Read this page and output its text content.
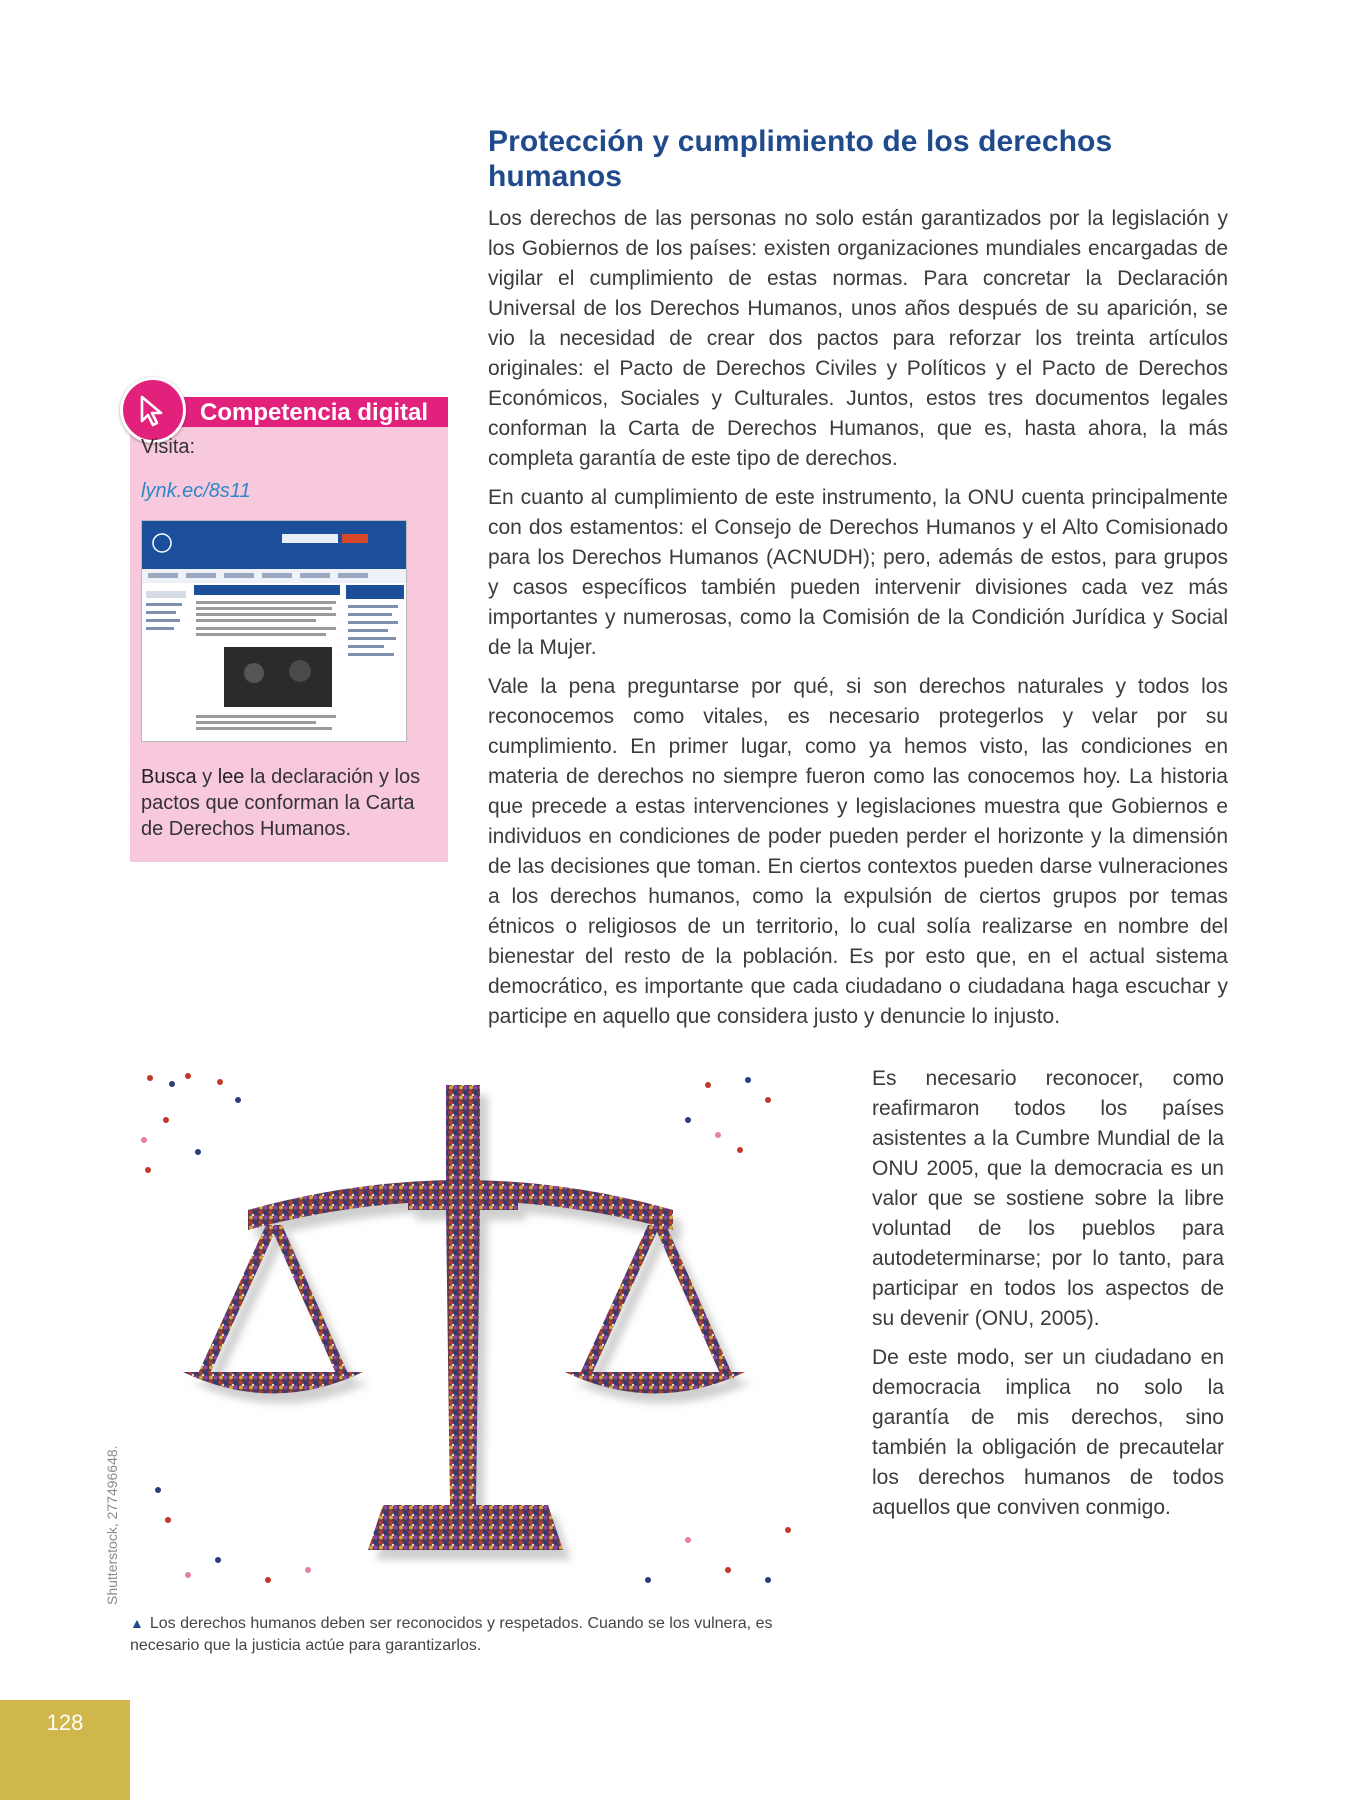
Protección y cumplimiento de los derechos humanos

Los derechos de las personas no solo están garantizados por la legislación y los Gobiernos de los países: existen organizaciones mundiales encargadas de vigilar el cumplimiento de estas normas. Para concretar la Declaración Universal de los Derechos Humanos, unos años después de su aparición, se vio la necesidad de crear dos pactos para reforzar los treinta artículos originales: el Pacto de Derechos Civiles y Políticos y el Pacto de Derechos Económicos, Sociales y Culturales. Juntos, estos tres documentos legales conforman la Carta de Derechos Humanos, que es, hasta ahora, la más completa garantía de este tipo de derechos.

En cuanto al cumplimiento de este instrumento, la ONU cuenta principalmente con dos estamentos: el Consejo de Derechos Humanos y el Alto Comisionado para los Derechos Humanos (ACNUDH); pero, además de estos, para grupos y casos específicos también pueden intervenir divisiones cada vez más importantes y numerosas, como la Comisión de la Condición Jurídica y Social de la Mujer.

Vale la pena preguntarse por qué, si son derechos naturales y todos los reconocemos como vitales, es necesario protegerlos y velar por su cumplimiento. En primer lugar, como ya hemos visto, las condiciones en materia de derechos no siempre fueron como las conocemos hoy. La historia que precede a estas intervenciones y legislaciones muestra que Gobiernos e individuos en condiciones de poder pueden perder el horizonte y la dimensión de las decisiones que toman. En ciertos contextos pueden darse vulneraciones a los derechos humanos, como la expulsión de ciertos grupos por temas étnicos o religiosos de un territorio, lo cual solía realizarse en nombre del bienestar del resto de la población. Es por esto que, en el actual sistema democrático, es importante que cada ciudadano o ciudadana haga escuchar y participe en aquello que considera justo y denuncie lo injusto.

Competencia digital
Visita:
lynk.ec/8s11
Busca y lee la declaración y los pactos que conforman la Carta de Derechos Humanos.
Shutterstock, 277496648.
▲ Los derechos humanos deben ser reconocidos y respetados. Cuando se los vulnera, es necesario que la justicia actúe para garantizarlos.

Es necesario reconocer, como reafirmaron todos los países asistentes a la Cumbre Mundial de la ONU 2005, que la democracia es un valor que se sostiene sobre la libre voluntad de los pueblos para autodeterminarse; por lo tanto, para participar en todos los aspectos de su devenir (ONU, 2005).

De este modo, ser un ciudadano en democracia implica no solo la garantía de mis derechos, sino también la obligación de precautelar los derechos humanos de todos aquellos que conviven conmigo.

128
